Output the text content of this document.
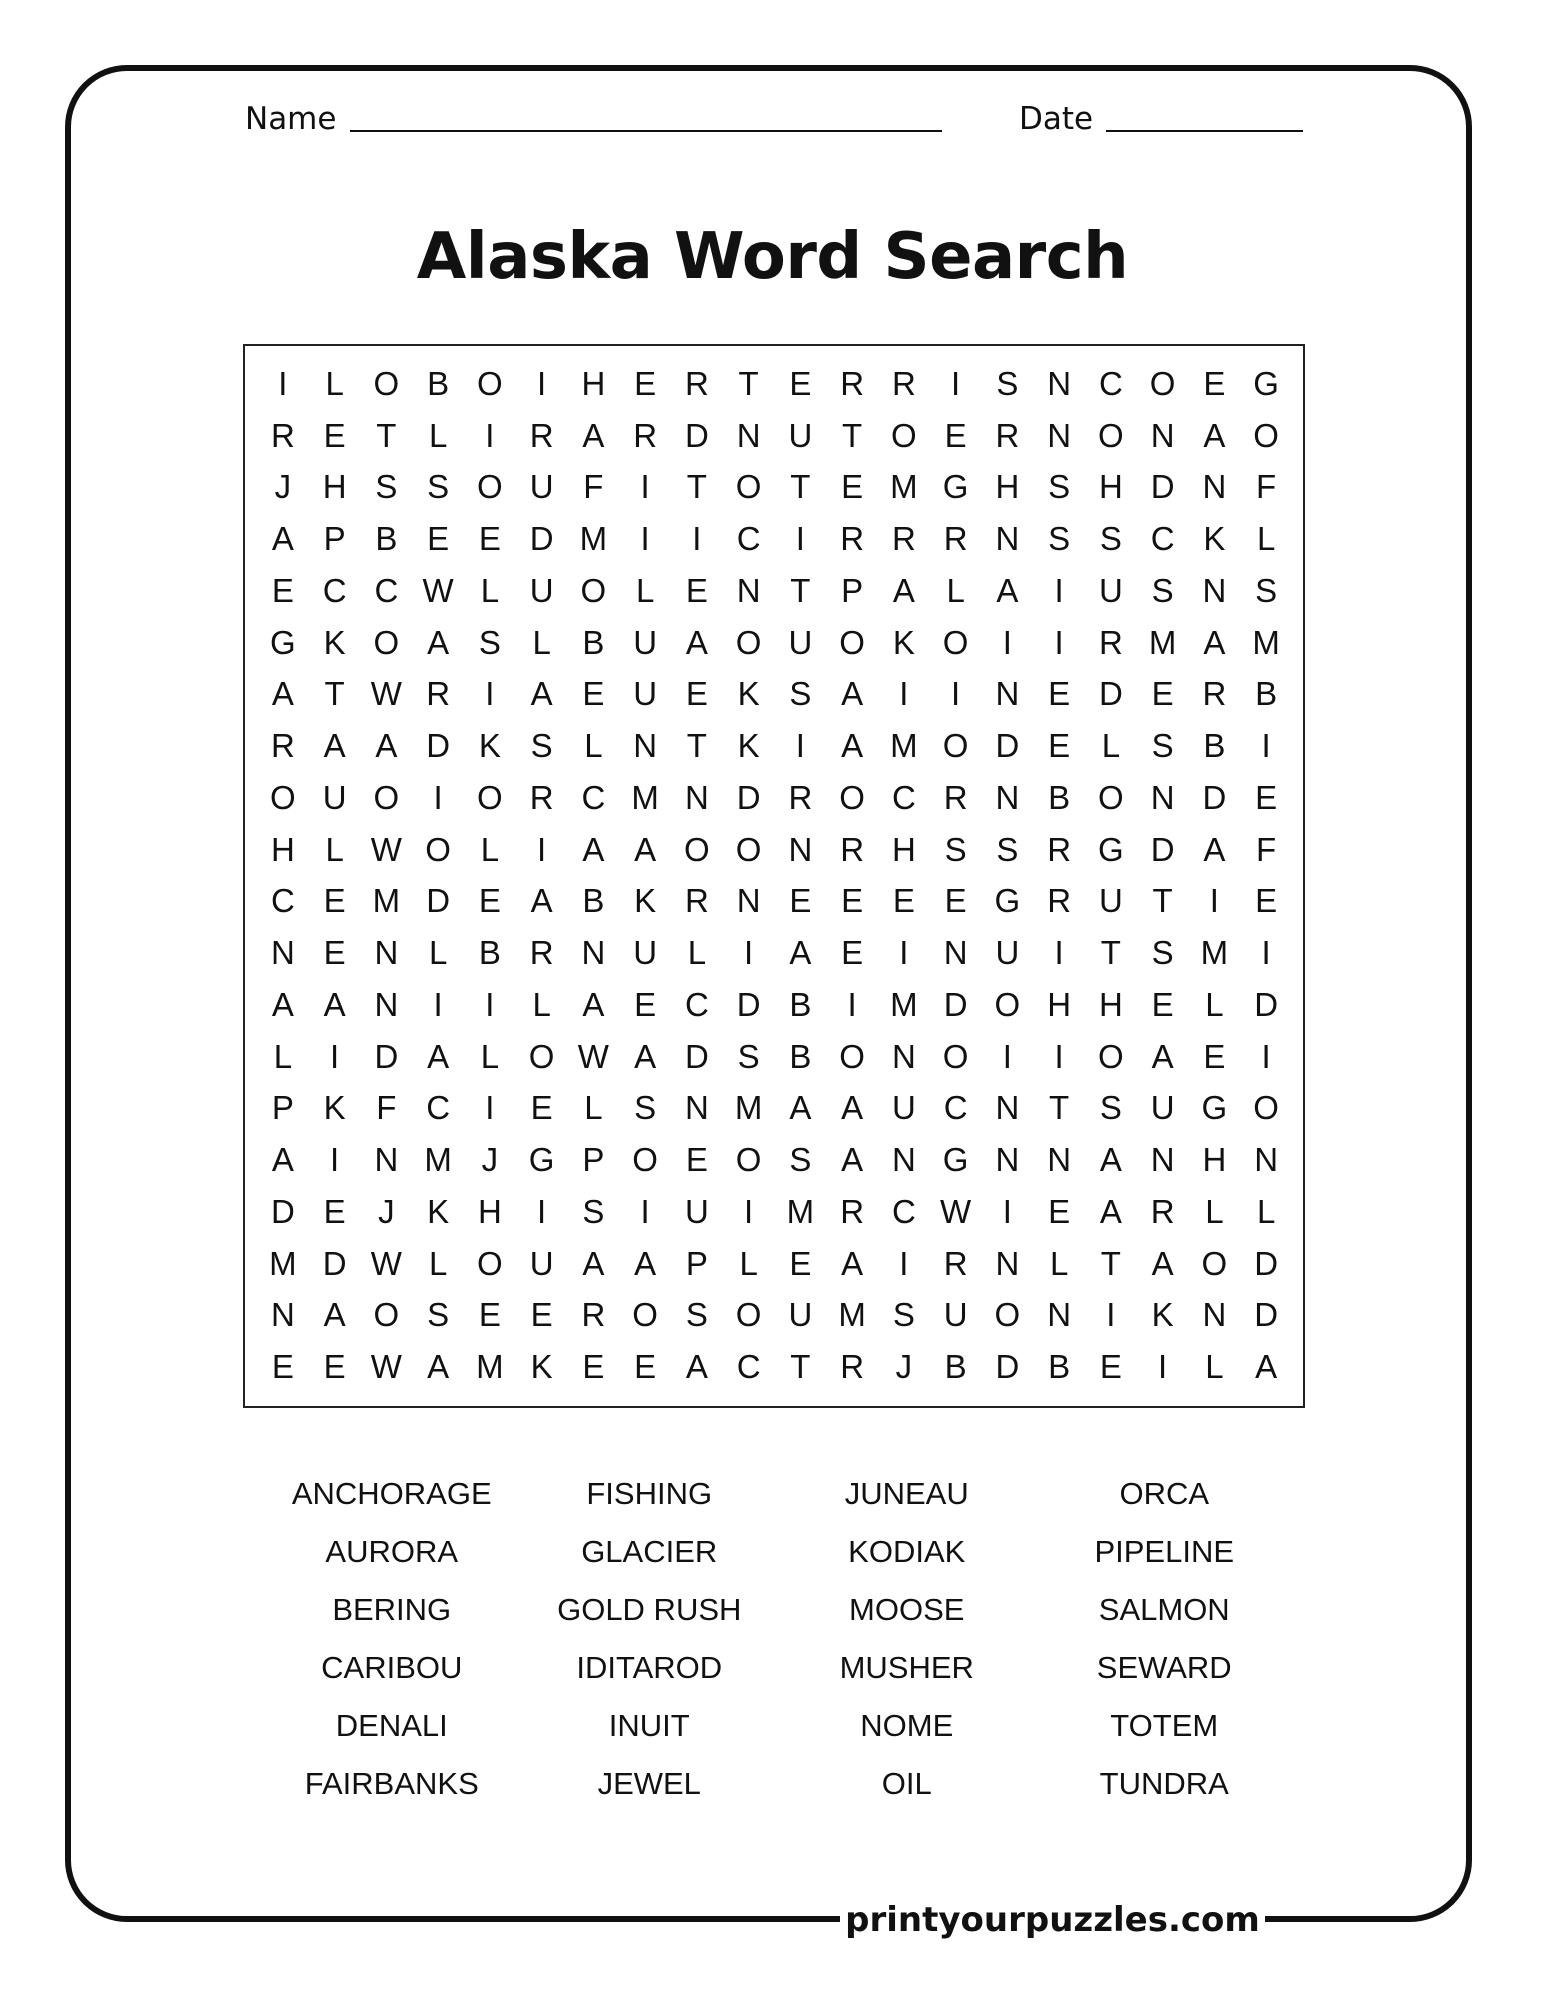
Name	Date
Alaska Word Search
I	L O B O	I	H E R T E R R	I	S N C O E G
R E T L	I	R A R D N U T O E R N O N A O
J H S S O U F	I	T O T E M G H S H D N F
A P B E E D M	I	I	C	I	R R R N S S C K L
E C C W L U O L E N T P A L A	I	U S N S
G K O A S L B U A O U O K O	I	I	R M A M
A T W R	I	A E U E K S A	I	I	N E D E R B
R A A D K S L N T K	I	A M O D E L S B	I
O U O	I	O R C M N D R O C R N B O N D E
H L W O L	I	A A O O N R H S S R G D A F
C E M D E A B K R N E E E E G R U T	I	E
N E N L B R N U L	I	A E	I	N U	I	T S M	I
A A N	I	I	L A E C D B	I	M D O H H E L D
L	I	D A L O W A D S B O N O	I	I	O A E	I
P K F C	I	E L S N M A A U C N T S U G O
A	I	N M J G P O E O S A N G N N A N H N
D E J K H	I	S	I	U	I	M R C W I	E A R L	L
M D W L O U A A P L E A	I	R N L T A O D
N A O S E E R O S O U M S U O N	I	K N D
E E W A M K E E A C T R J B D B E	I	L A
ANCHORAGE
AURORA
BERING
CARIBOU
DENALI
FAIRBANKS
FISHING
GLACIER
GOLD RUSH
IDITAROD
INUIT
JEWEL
JUNEAU
KODIAK
MOOSE
MUSHER
NOME
OIL
ORCA
PIPELINE
SALMON
SEWARD
TOTEM
TUNDRA
printyourpuzzles.com
